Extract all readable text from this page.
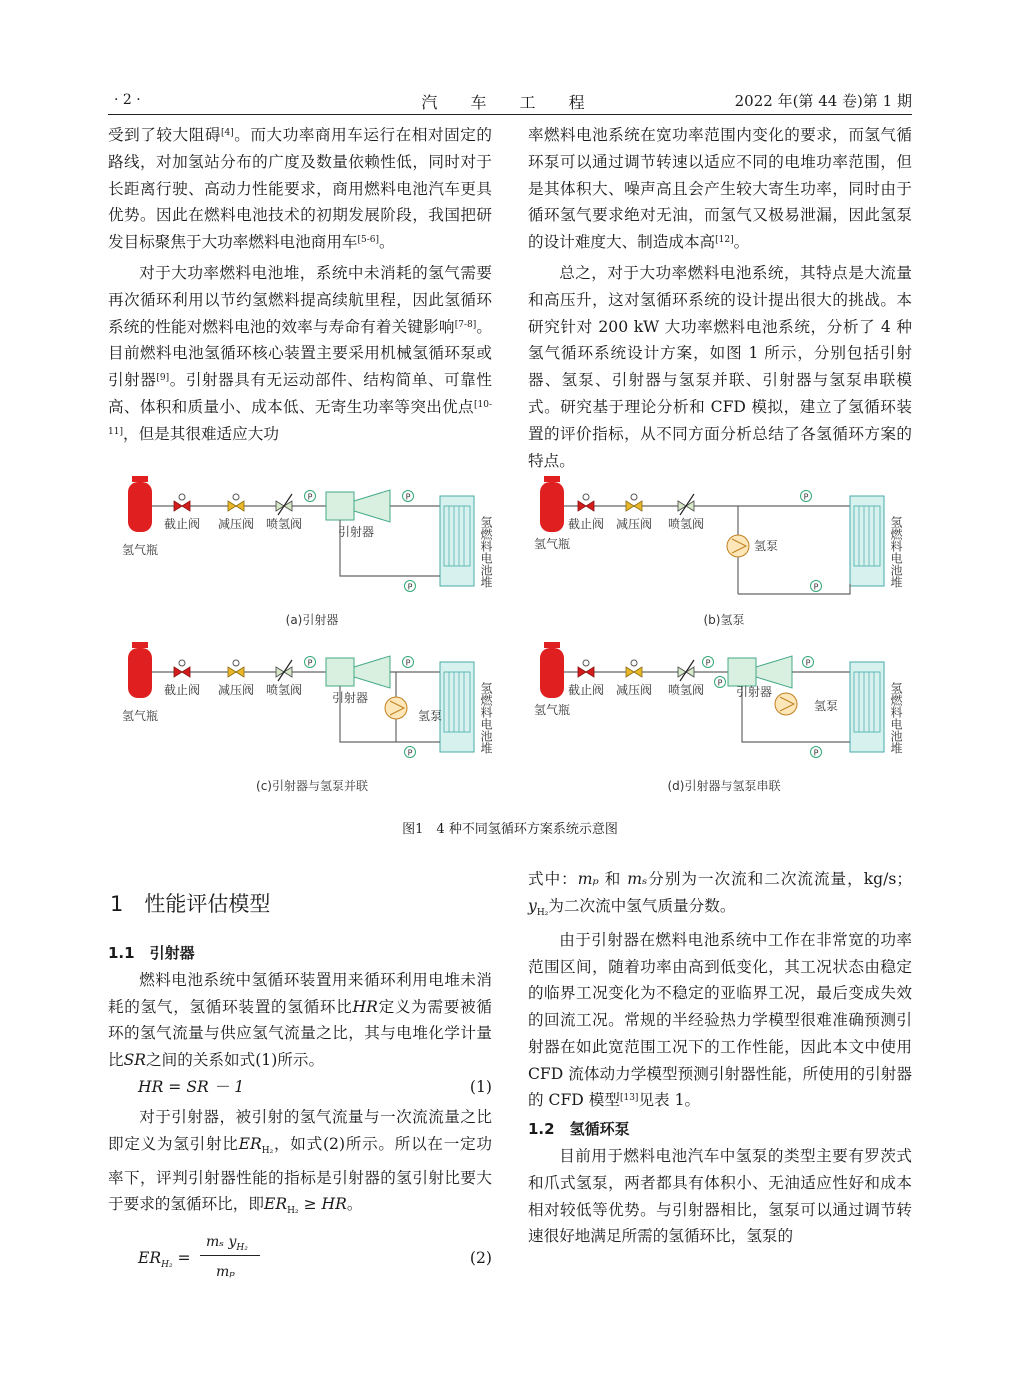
· 2 ·	汽 车 工 程	2022 年(第 44 卷)第 1 期

受到了较大阻碍[4]。而大功率商用车运行在相对固定的路线，对加氢站分布的广度及数量依赖性低，同时对于长距离行驶、高动力性能要求，商用燃料电池汽车更具优势。因此在燃料电池技术的初期发展阶段，我国把研发目标聚焦于大功率燃料电池商用车[5-6]。

对于大功率燃料电池堆，系统中未消耗的氢气需要再次循环利用以节约氢燃料提高续航里程，因此氢循环系统的性能对燃料电池的效率与寿命有着关键影响[7-8]。目前燃料电池氢循环核心装置主要采用机械氢循环泵或引射器[9]。引射器具有无运动部件、结构简单、可靠性高、体积和质量小、成本低、无寄生功率等突出优点[10-11]，但是其很难适应大功

率燃料电池系统在宽功率范围内变化的要求，而氢气循环泵可以通过调节转速以适应不同的电堆功率范围，但是其体积大、噪声高且会产生较大寄生功率，同时由于循环氢气要求绝对无油，而氢气又极易泄漏，因此氢泵的设计难度大、制造成本高[12]。

总之，对于大功率燃料电池系统，其特点是大流量和高压升，这对氢循环系统的设计提出很大的挑战。本研究针对 200 kW 大功率燃料电池系统，分析了 4 种氢气循环系统设计方案，如图 1 所示，分别包括引射器、氢泵、引射器与氢泵并联、引射器与氢泵串联模式。研究基于理论分析和 CFD 模拟，建立了氢循环装置的评价指标，从不同方面分析总结了各氢循环方案的特点。

P
氢气瓶
截止阀 减压阀 喷氢阀
引射器	氢燃料电池堆
(a)引射器
氢气瓶
截止阀 减压阀 喷氢阀
氢泵	氢燃料电池堆
(b)氢泵
氢气瓶
截止阀 减压阀 喷氢阀
引射器
氢泵	氢燃料电池堆
(c)引射器与氢泵并联
氢气瓶
截止阀 减压阀 喷氢阀	引射器
氢泵	氢燃料电池堆
(d)引射器与氢泵串联
图1　4 种不同氢循环方案系统示意图
1　性能评估模型
1.1　引射器

燃料电池系统中氢循环装置用来循环利用电堆未消耗的氢气，氢循环装置的氢循环比HR定义为需要被循环的氢气流量与供应氢气流量之比，其与电堆化学计量比SR之间的关系如式(1)所示。

HR = SR － 1	(1)

对于引射器，被引射的氢气流量与一次流流量之比即定义为氢引射比$ER_{H_2}$，如式(2)所示。所以在一定功率下，评判引射器性能的指标是引射器的氢引射比要大于要求的氢循环比，即$ER_{H_2}$ ≥ HR。

$ER_{H_2}$ =
mₛ $y_{H_2}$
mₚ
(2)

式中：mₚ 和 mₛ分别为一次流和二次流流量，kg/s；$y_{H_2}$为二次流中氢气质量分数。

由于引射器在燃料电池系统中工作在非常宽的功率范围区间，随着功率由高到低变化，其工况状态由稳定的临界工况变化为不稳定的亚临界工况，最后变成失效的回流工况。常规的半经验热力学模型很难准确预测引射器在如此宽范围工况下的工作性能，因此本文中使用 CFD 流体动力学模型预测引射器性能，所使用的引射器的 CFD 模型[13]见表 1。

1.2　氢循环泵

目前用于燃料电池汽车中氢泵的类型主要有罗茨式和爪式氢泵，两者都具有体积小、无油适应性好和成本相对较低等优势。与引射器相比，氢泵可以通过调节转速很好地满足所需的氢循环比，氢泵的
